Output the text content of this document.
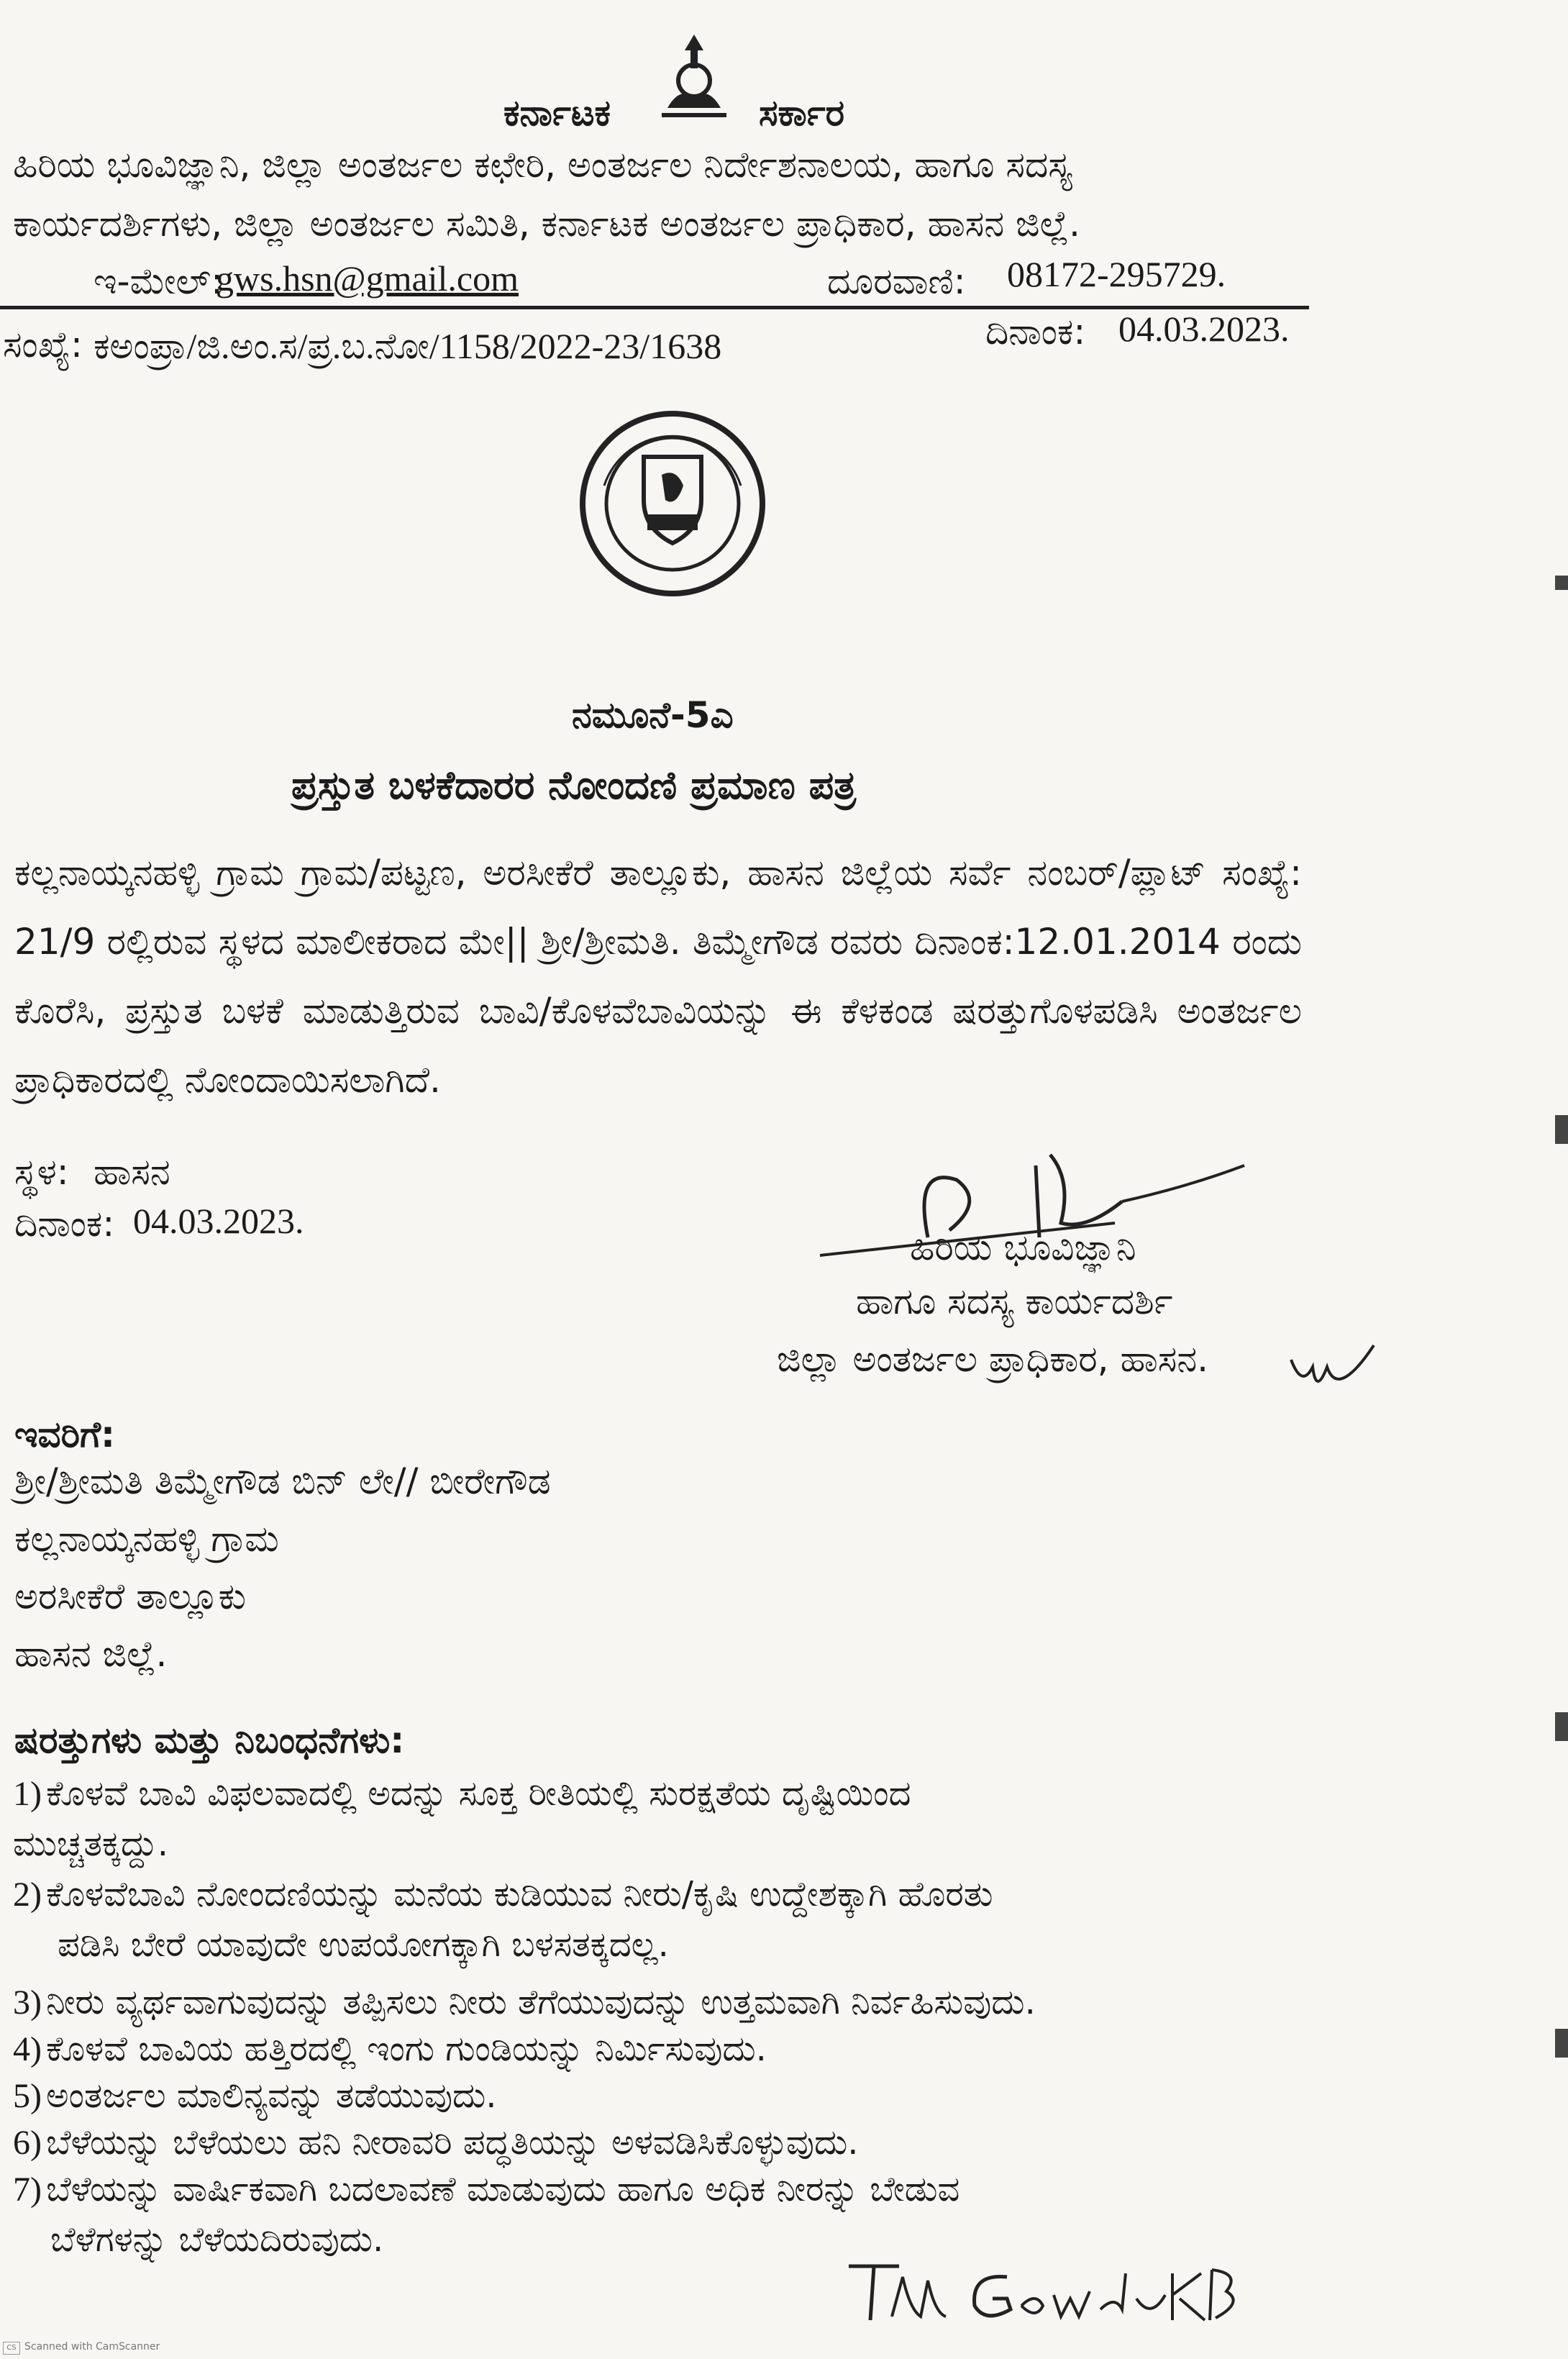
ಕರ್ನಾಟಕ	ಸರ್ಕಾರ
ಹಿರಿಯ ಭೂವಿಜ್ಞಾನಿ, ಜಿಲ್ಲಾ ಅಂತರ್ಜಲ ಕಛೇರಿ, ಅಂತರ್ಜಲ ನಿರ್ದೇಶನಾಲಯ, ಹಾಗೂ ಸದಸ್ಯ
ಕಾರ್ಯದರ್ಶಿಗಳು, ಜಿಲ್ಲಾ ಅಂತರ್ಜಲ ಸಮಿತಿ, ಕರ್ನಾಟಕ ಅಂತರ್ಜಲ ಪ್ರಾಧಿಕಾರ, ಹಾಸನ ಜಿಲ್ಲೆ.
ಇ-ಮೇಲ್:
gws.hsn@gmail.com	ದೂರವಾಣಿ: 08172-295729.
ಸಂಖ್ಯೆ: ಕಅಂಪ್ರಾ/ಜಿ.ಅಂ.ಸ/ಪ್ರ.ಬ.ನೋ/1158/2022-23/1638	ದಿನಾಂಕ: 04.03.2023.
ನಮೂನೆ-5ಎ
ಪ್ರಸ್ತುತ ಬಳಕೆದಾರರ ನೋಂದಣಿ ಪ್ರಮಾಣ ಪತ್ರ
ಕಲ್ಲನಾಯ್ಕನಹಳ್ಳಿ ಗ್ರಾಮ ಗ್ರಾಮ/ಪಟ್ಟಣ, ಅರಸೀಕೆರೆ ತಾಲ್ಲೂಕು, ಹಾಸನ ಜಿಲ್ಲೆಯ ಸರ್ವೆ ನಂಬರ್/ಪ್ಲಾಟ್ ಸಂಖ್ಯೆ: 21/9 ರಲ್ಲಿರುವ ಸ್ಥಳದ ಮಾಲೀಕರಾದ ಮೇ|| ಶ್ರೀ/ಶ್ರೀಮತಿ. ತಿಮ್ಮೇಗೌಡ ರವರು ದಿನಾಂಕ:12.01.2014 ರಂದು ಕೊರೆಸಿ, ಪ್ರಸ್ತುತ ಬಳಕೆ ಮಾಡುತ್ತಿರುವ ಬಾವಿ/ಕೊಳವೆಬಾವಿಯನ್ನು ಈ ಕೆಳಕಂಡ ಷರತ್ತುಗೊಳಪಡಿಸಿ ಅಂತರ್ಜಲ ಪ್ರಾಧಿಕಾರದಲ್ಲಿ ನೋಂದಾಯಿಸಲಾಗಿದೆ.
ಸ್ಥಳ: ಹಾಸನ
ದಿನಾಂಕ: 04.03.2023.
ಹಿರಿಯ ಭೂವಿಜ್ಞಾನಿ
ಹಾಗೂ ಸದಸ್ಯ ಕಾರ್ಯದರ್ಶಿ
ಜಿಲ್ಲಾ ಅಂತರ್ಜಲ ಪ್ರಾಧಿಕಾರ, ಹಾಸನ.
ಇವರಿಗೆ:
ಶ್ರೀ/ಶ್ರೀಮತಿ ತಿಮ್ಮೇಗೌಡ ಬಿನ್ ಲೇ// ಬೀರೇಗೌಡ
ಕಲ್ಲನಾಯ್ಕನಹಳ್ಳಿ ಗ್ರಾಮ
ಅರಸೀಕೆರೆ ತಾಲ್ಲೂಕು
ಹಾಸನ ಜಿಲ್ಲೆ.
ಷರತ್ತುಗಳು ಮತ್ತು ನಿಬಂಧನೆಗಳು:
1) ಕೊಳವೆ ಬಾವಿ ವಿಫಲವಾದಲ್ಲಿ ಅದನ್ನು ಸೂಕ್ತ ರೀತಿಯಲ್ಲಿ ಸುರಕ್ಷತೆಯ ದೃಷ್ಟಿಯಿಂದ
ಮುಚ್ಚತಕ್ಕದ್ದು.
2) ಕೊಳವೆಬಾವಿ ನೋಂದಣಿಯನ್ನು ಮನೆಯ ಕುಡಿಯುವ ನೀರು/ಕೃಷಿ ಉದ್ದೇಶಕ್ಕಾಗಿ ಹೊರತು
ಪಡಿಸಿ ಬೇರೆ ಯಾವುದೇ ಉಪಯೋಗಕ್ಕಾಗಿ ಬಳಸತಕ್ಕದಲ್ಲ.
3) ನೀರು ವ್ಯರ್ಥವಾಗುವುದನ್ನು ತಪ್ಪಿಸಲು ನೀರು ತೆಗೆಯುವುದನ್ನು ಉತ್ತಮವಾಗಿ ನಿರ್ವಹಿಸುವುದು.
4) ಕೊಳವೆ ಬಾವಿಯ ಹತ್ತಿರದಲ್ಲಿ ಇಂಗು ಗುಂಡಿಯನ್ನು ನಿರ್ಮಿಸುವುದು.
5) ಅಂತರ್ಜಲ ಮಾಲಿನ್ಯವನ್ನು ತಡೆಯುವುದು.
6) ಬೆಳೆಯನ್ನು ಬೆಳೆಯಲು ಹನಿ ನೀರಾವರಿ ಪದ್ಧತಿಯನ್ನು ಅಳವಡಿಸಿಕೊಳ್ಳುವುದು.
7) ಬೆಳೆಯನ್ನು ವಾರ್ಷಿಕವಾಗಿ ಬದಲಾವಣೆ ಮಾಡುವುದು ಹಾಗೂ ಅಧಿಕ ನೀರನ್ನು ಬೇಡುವ
ಬೆಳೆಗಳನ್ನು ಬೆಳೆಯದಿರುವುದು.
CS Scanned with CamScanner
